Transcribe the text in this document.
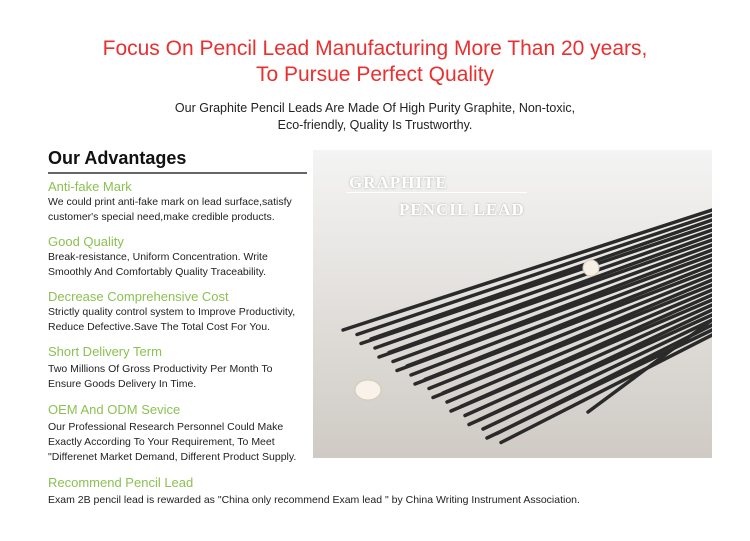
Focus On Pencil Lead Manufacturing More Than 20 years,
To Pursue Perfect Quality
Our Graphite Pencil Leads Are Made Of High Purity Graphite, Non-toxic,
Eco-friendly, Quality Is Trustworthy.
Our Advantages
Anti-fake Mark
We could print anti-fake mark on lead surface,satisfy
customer's special need,make credible products.
Good Quality
Break-resistance, Uniform Concentration. Write
Smoothly And Comfortably Quality Traceability.
Decrease Comprehensive Cost
Strictly quality control system to Improve Productivity,
Reduce Defective.Save The Total Cost For You.
Short Delivery Term
Two Millions Of Gross Productivity Per Month To
Ensure Goods Delivery In Time.
OEM And ODM Sevice
Our Professional Research Personnel Could Make
Exactly According To Your Requirement, To Meet
"Differenet Market Demand, Different Product Supply.
Recommend Pencil Lead
Exam 2B pencil lead is rewarded as "China only recommend Exam lead " by China Writing Instrument Association.
GRAPHITE
PENCIL LEAD
